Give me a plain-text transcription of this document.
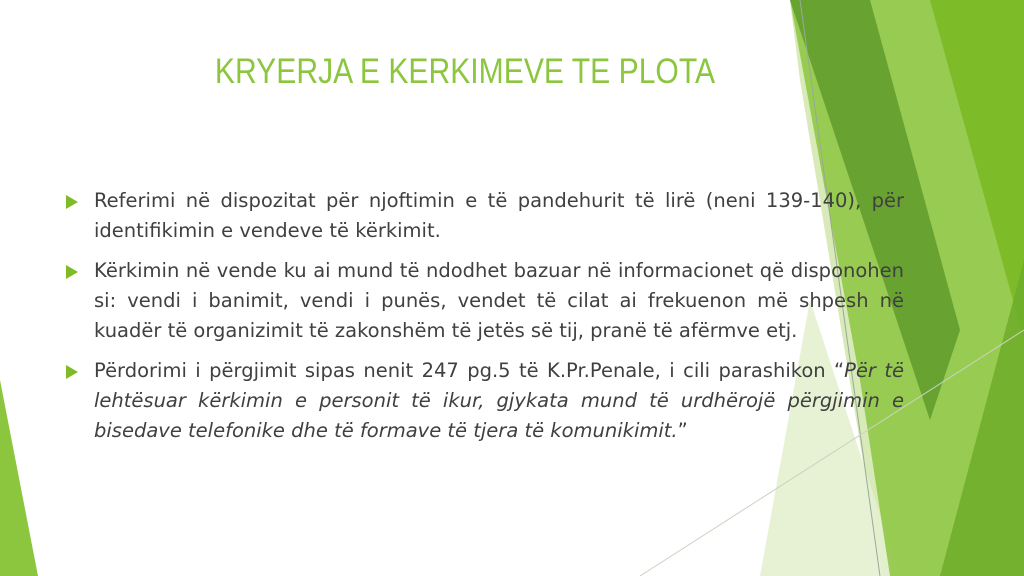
KRYERJA E KERKIMEVE TE PLOTA
Referimi në dispozitat për njoftimin e të pandehurit të lirë (neni 139-140), për identifikimin e vendeve të kërkimit.
Kërkimin në vende ku ai mund të ndodhet bazuar në informacionet që disponohen si: vendi i banimit, vendi i punës, vendet të cilat ai frekuenon më shpesh në kuadër të organizimit të zakonshëm të jetës së tij, pranë të afërmve etj.
Përdorimi i përgjimit sipas nenit 247 pg.5 të K.Pr.Penale, i cili parashikon “Për të lehtësuar kërkimin e personit të ikur, gjykata mund të urdhërojë përgjimin e bisedave telefonike dhe të formave të tjera të komunikimit.”
